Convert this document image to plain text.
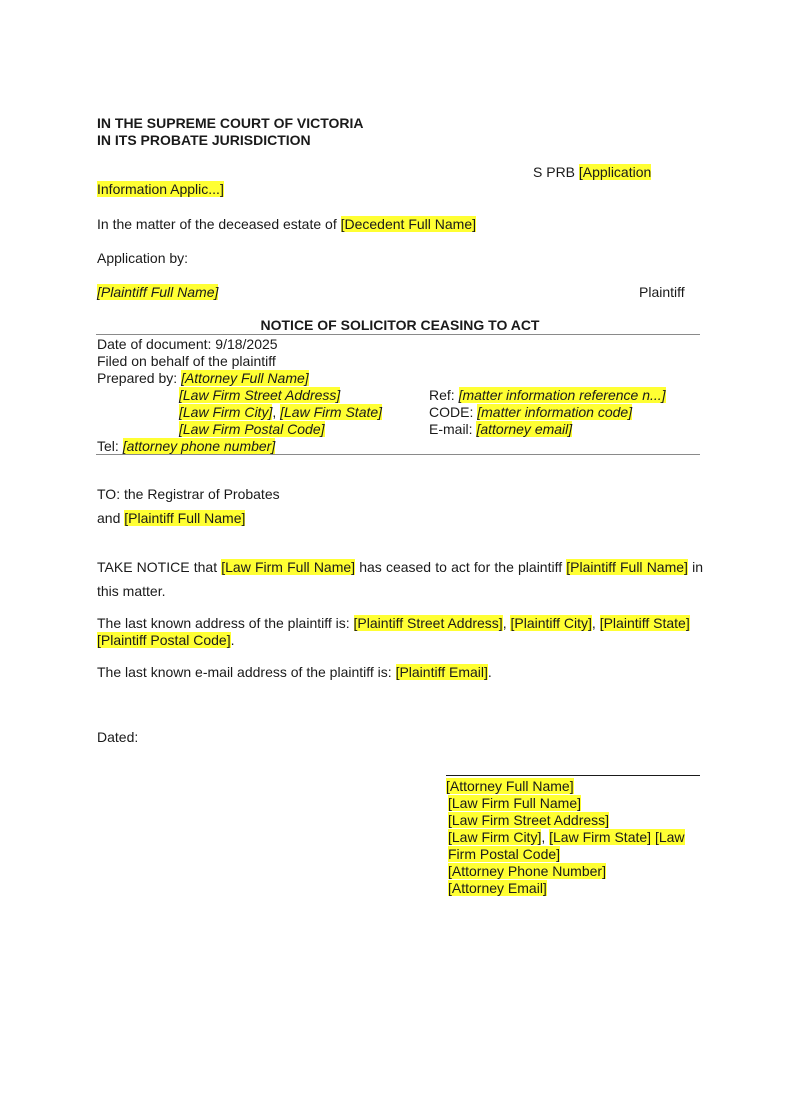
IN THE SUPREME COURT OF VICTORIA
IN ITS PROBATE JURISDICTION
S PRB [Application
Information Applic...]
In the matter of the deceased estate of [Decedent Full Name]
Application by:
[Plaintiff Full Name]	Plaintiff
NOTICE OF SOLICITOR CEASING TO ACT
Date of document: 9/18/2025
Filed on behalf of the plaintiff
Prepared by: [Attorney Full Name]
[Law Firm Street Address]
[Law Firm City], [Law Firm State]
[Law Firm Postal Code]
Tel: [attorney phone number]
Ref: [matter information reference n...]
CODE: [matter information code]
E-mail: [attorney email]
TO: the Registrar of Probates
and [Plaintiff Full Name]
TAKE NOTICE that [Law Firm Full Name] has ceased to act for the plaintiff [Plaintiff Full Name] in this matter.
The last known address of the plaintiff is: [Plaintiff Street Address], [Plaintiff City], [Plaintiff State] [Plaintiff Postal Code].
The last known e-mail address of the plaintiff is: [Plaintiff Email].
Dated:
[Attorney Full Name]
[Law Firm Full Name]
[Law Firm Street Address]
[Law Firm City], [Law Firm State] [Law
Firm Postal Code]
[Attorney Phone Number]
[Attorney Email]
